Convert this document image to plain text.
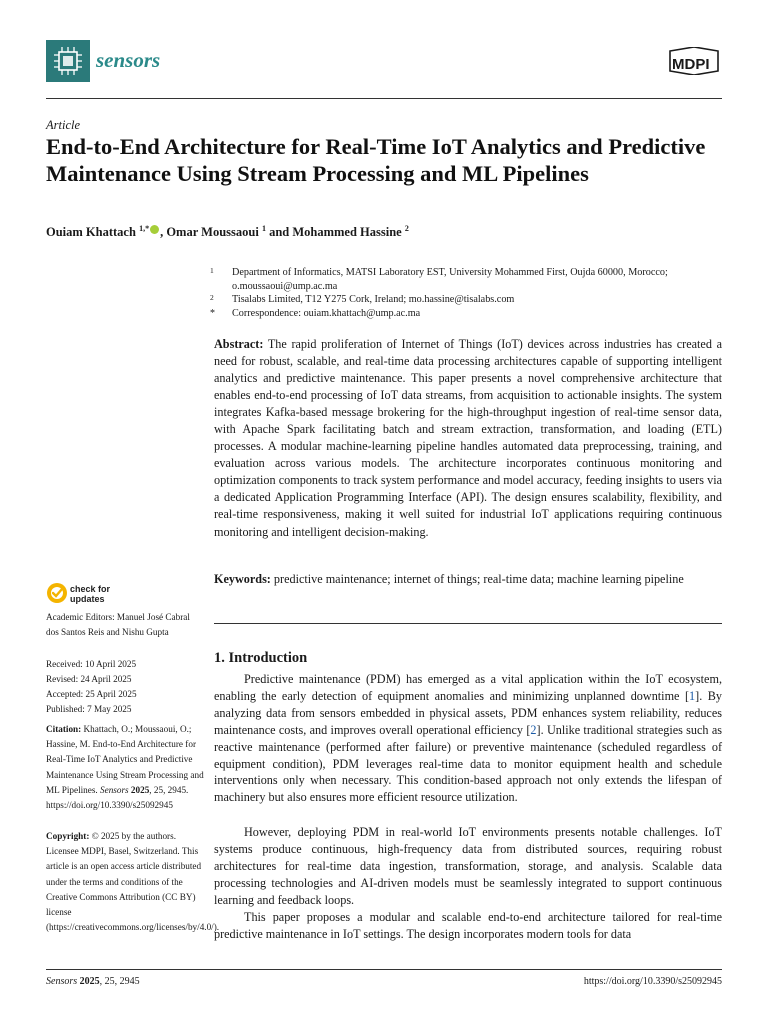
sensors	MDPI
Article
End-to-End Architecture for Real-Time IoT Analytics and Predictive Maintenance Using Stream Processing and ML Pipelines
Ouiam Khattach $^{1,*}$ , Omar Moussaoui $^1$ and Mohammed Hassine $^2$
1 Department of Informatics, MATSI Laboratory EST, University Mohammed First, Oujda 60000, Morocco; o.moussaoui@ump.ac.ma
2 Tisalabs Limited, T12 Y275 Cork, Ireland; mo.hassine@tisalabs.com
* Correspondence: ouiam.khattach@ump.ac.ma
Abstract: The rapid proliferation of Internet of Things (IoT) devices across industries has created a need for robust, scalable, and real-time data processing architectures capable of supporting intelligent analytics and predictive maintenance. This paper presents a novel comprehensive architecture that enables end-to-end processing of IoT data streams, from acquisition to actionable insights. The system integrates Kafka-based message brokering for the high-throughput ingestion of real-time sensor data, with Apache Spark facilitating batch and stream extraction, transformation, and loading (ETL) processes. A modular machine-learning pipeline handles automated data preprocessing, training, and evaluation across various models. The architecture incorporates continuous monitoring and optimization components to track system performance and model accuracy, feeding insights to users via a dedicated Application Programming Interface (API). The design ensures scalability, flexibility, and real-time responsiveness, making it well suited for industrial IoT applications requiring continuous monitoring and intelligent decision-making.
Keywords: predictive maintenance; internet of things; real-time data; machine learning pipeline
check for
updates
Academic Editors: Manuel José Cabral dos Santos Reis and Nishu Gupta
Received: 10 April 2025
Revised: 24 April 2025
Accepted: 25 April 2025
Published: 7 May 2025
Citation: Khattach, O.; Moussaoui, O.; Hassine, M. End-to-End Architecture for Real-Time IoT Analytics and Predictive Maintenance Using Stream Processing and ML Pipelines. Sensors 2025, 25, 2945. https://doi.org/10.3390/s25092945
Copyright: © 2025 by the authors. Licensee MDPI, Basel, Switzerland. This article is an open access article distributed under the terms and conditions of the Creative Commons Attribution (CC BY) license (https://creativecommons.org/licenses/by/4.0/).
1. Introduction

Predictive maintenance (PDM) has emerged as a vital application within the IoT ecosystem, enabling the early detection of equipment anomalies and minimizing unplanned downtime [1]. By analyzing data from sensors embedded in physical assets, PDM enhances system reliability, reduces maintenance costs, and improves overall operational efficiency [2]. Unlike traditional strategies such as reactive maintenance (performed after failure) or preventive maintenance (scheduled regardless of equipment condition), PDM leverages real-time data to monitor equipment health and schedule interventions only when necessary. This condition-based approach not only extends the lifespan of machinery but also ensures more efficient resource utilization.

However, deploying PDM in real-world IoT environments presents notable challenges. IoT systems produce continuous, high-frequency data from distributed sources, requiring robust architectures for real-time data ingestion, transformation, storage, and analysis. Scalable data processing technologies and AI-driven models must be seamlessly integrated to support continuous learning and feedback loops.

This paper proposes a modular and scalable end-to-end architecture tailored for real-time predictive maintenance in IoT settings. The design incorporates modern tools for data

Sensors 2025, 25, 2945	https://doi.org/10.3390/s25092945
